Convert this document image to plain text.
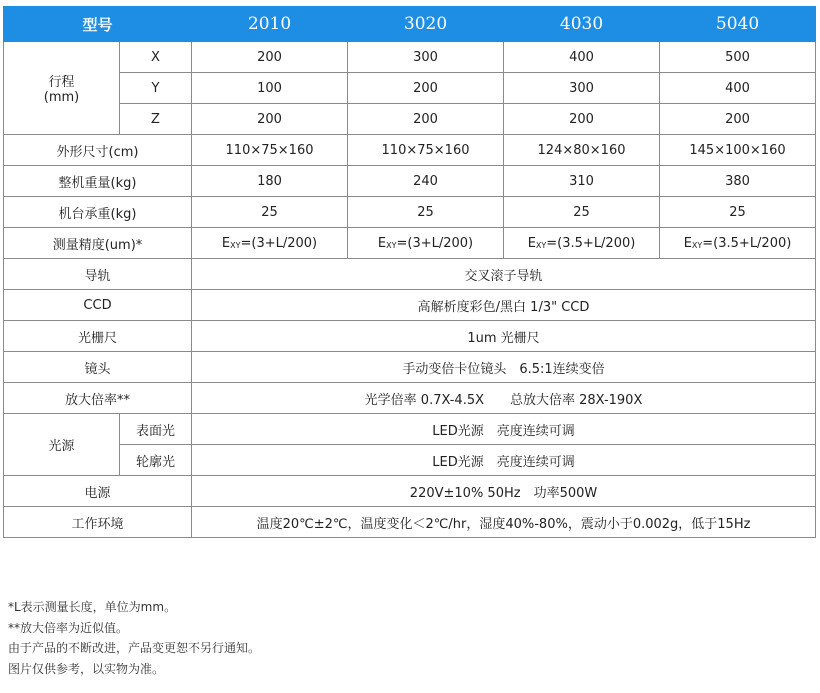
型号		2010	3020	4030	5040

行程
(mm)	X	200	300	400	500
	Y	100	200	300	400
	Z	200	200	200	200
外形尺寸(cm)		110×75×160	110×75×160	124×80×160	145×100×160
整机重量(kg)		180	240	310	380
机台承重(kg)		25	25	25	25
测量精度(um)*		EXY=(3+L/200)	EXY=(3+L/200)	EXY=(3.5+L/200)	EXY=(3.5+L/200)
导轨		交叉滚子导轨			
CCD		高解析度彩色/黑白 1/3" CCD			
光栅尺		1um 光栅尺			
镜头		手动变倍卡位镜头　6.5:1连续变倍			
放大倍率**		光学倍率 0.7X-4.5X　　总放大倍率 28X-190X			
光源	表面光	LED光源　亮度连续可调			
	轮廓光	LED光源　亮度连续可调			
电源		220V±10% 50Hz　功率500W			
工作环境		温度20℃±2℃，温度变化＜2℃/hr，湿度40%-80%，震动小于0.002g，低于15Hz			
*L表示测量长度，单位为mm。
**放大倍率为近似值。
由于产品的不断改进，产品变更恕不另行通知。
图片仅供参考，以实物为准。
